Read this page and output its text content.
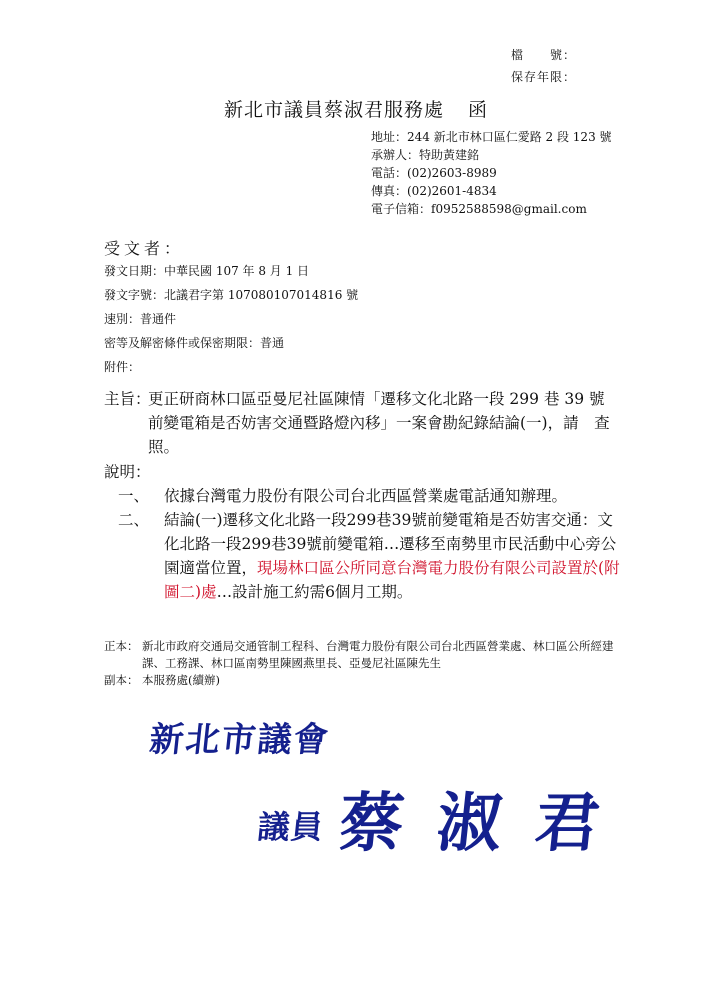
檔　　號：
保存年限：
新北市議員蔡淑君服務處 函
地址：244 新北市林口區仁愛路 2 段 123 號
承辦人：特助黃建銘
電話：(02)2603-8989
傳真：(02)2601-4834
電子信箱：f0952588598@gmail.com
受文者：
發文日期：中華民國 107 年 8 月 1 日
發文字號：北議君字第 107080107014816 號
速別：普通件
密等及解密條件或保密期限：普通
附件：
主旨：
更正研商林口區亞曼尼社區陳情「遷移文化北路一段 299 巷 39 號前變電箱是否妨害交通暨路燈內移」一案會勘紀錄結論(一)，請　查照。
說明：
一、 依據台灣電力股份有限公司台北西區營業處電話通知辦理。
二、 結論(一)遷移文化北路一段299巷39號前變電箱是否妨害交通：文化北路一段299巷39號前變電箱…遷移至南勢里市民活動中心旁公園適當位置，現場林口區公所同意台灣電力股份有限公司設置於(附圖二)處…設計施工約需6個月工期。
正本： 新北市政府交通局交通管制工程科、台灣電力股份有限公司台北西區營業處、林口區公所經建課、工務課、林口區南勢里陳國燕里長、亞曼尼社區陳先生
副本： 本服務處(續辦)
新北市議會
議員 蔡淑君
